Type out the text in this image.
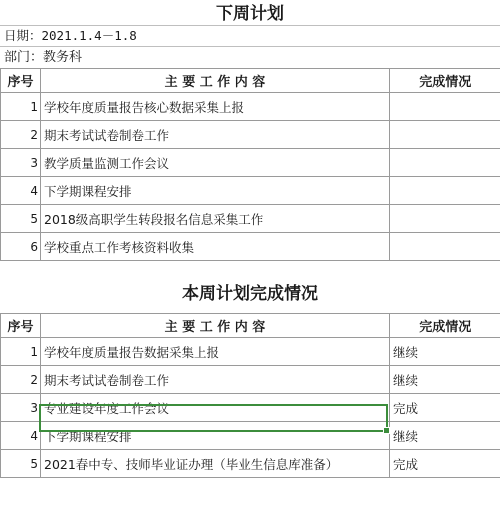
下周计划
日期：2021.1.4－1.8
部门：教务科
序号	主 要 工 作 内 容	完成情况
1	学校年度质量报告核心数据采集上报	
2	期末考试试卷制卷工作	
3	教学质量监测工作会议	
4	下学期课程安排	
5	2018级高职学生转段报名信息采集工作	
6	学校重点工作考核资料收集	
本周计划完成情况
序号	主 要 工 作 内 容	完成情况
1	学校年度质量报告数据采集上报	继续
2	期末考试试卷制卷工作	继续
3	专业建设年度工作会议	完成
4	下学期课程安排	继续
5	2021春中专、技师毕业证办理（毕业生信息库准备）	完成
